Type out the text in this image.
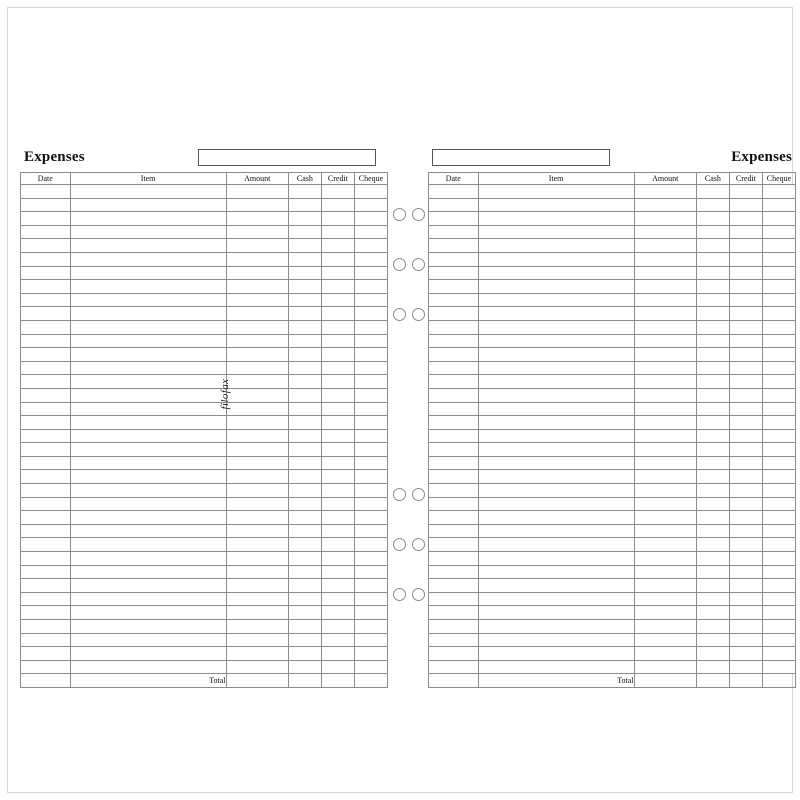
Expenses
Date	Item	Amount	Cash	Credit	Cheque

	Total				
filofax
Expenses
Date	Item	Amount	Cash	Credit	Cheque

	Total				
